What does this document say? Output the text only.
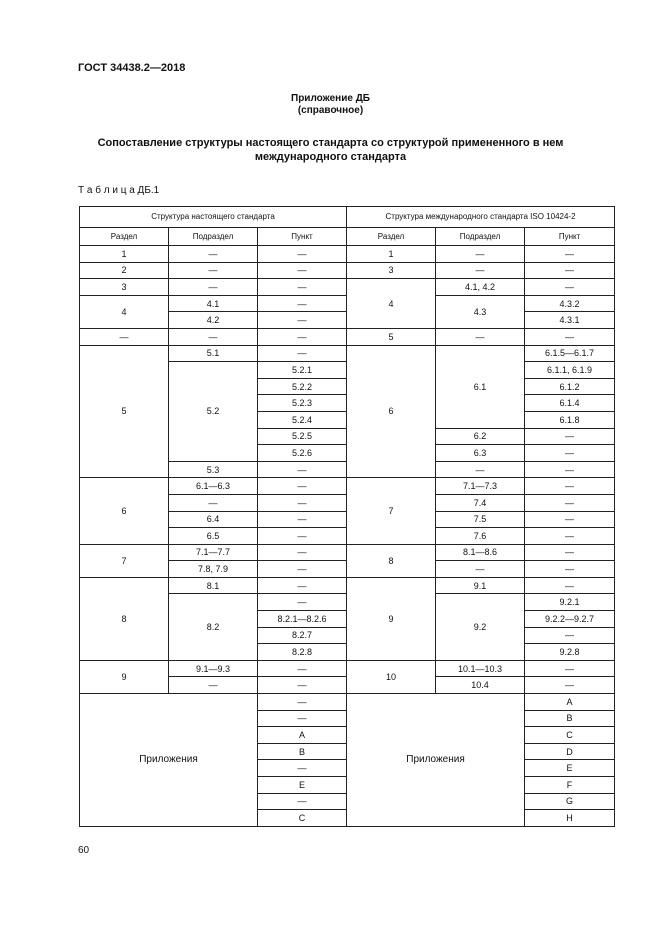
ГОСТ 34438.2—2018
Приложение ДБ
(справочное)
Сопоставление структуры настоящего стандарта со структурой примененного в нем
международного стандарта
Т а б л и ц а ДБ.1
Структура настоящего стандарта			Структура международного стандарта ISO 10424-2		
Раздел	Подраздел	Пункт	Раздел	Подраздел	Пункт
1	—	—	1	—	—
2	—	—	3	—	—
3	—	—	4	4.1, 4.2	—
4	4.1	—		4.3	4.3.2
	4.2	—			4.3.1
—	—	—	5	—	—
5	5.1	—	6	6.1	6.1.5—6.1.7
	5.2	5.2.1			6.1.1, 6.1.9
		5.2.2			6.1.2
		5.2.3			6.1.4
		5.2.4			6.1.8
		5.2.5		6.2	—
		5.2.6		6.3	—
	5.3	—		—	—
6	6.1—6.3	—	7	7.1—7.3	—
	—	—		7.4	—
	6.4	—		7.5	—
	6.5	—		7.6	—
7	7.1—7.7	—	8	8.1—8.6	—
	7.8, 7.9	—		—	—
8	8.1	—	9	9.1	—
	8.2	—		9.2	9.2.1
		8.2.1—8.2.6			9.2.2—9.2.7
		8.2.7			—
		8.2.8			9.2.8
9	9.1—9.3	—	10	10.1—10.3	—
	—	—		10.4	—
Приложения		—	Приложения		A
		—			B
		A			C
		B			D
		—			E
		E			F
		—			G
		C			H
60
